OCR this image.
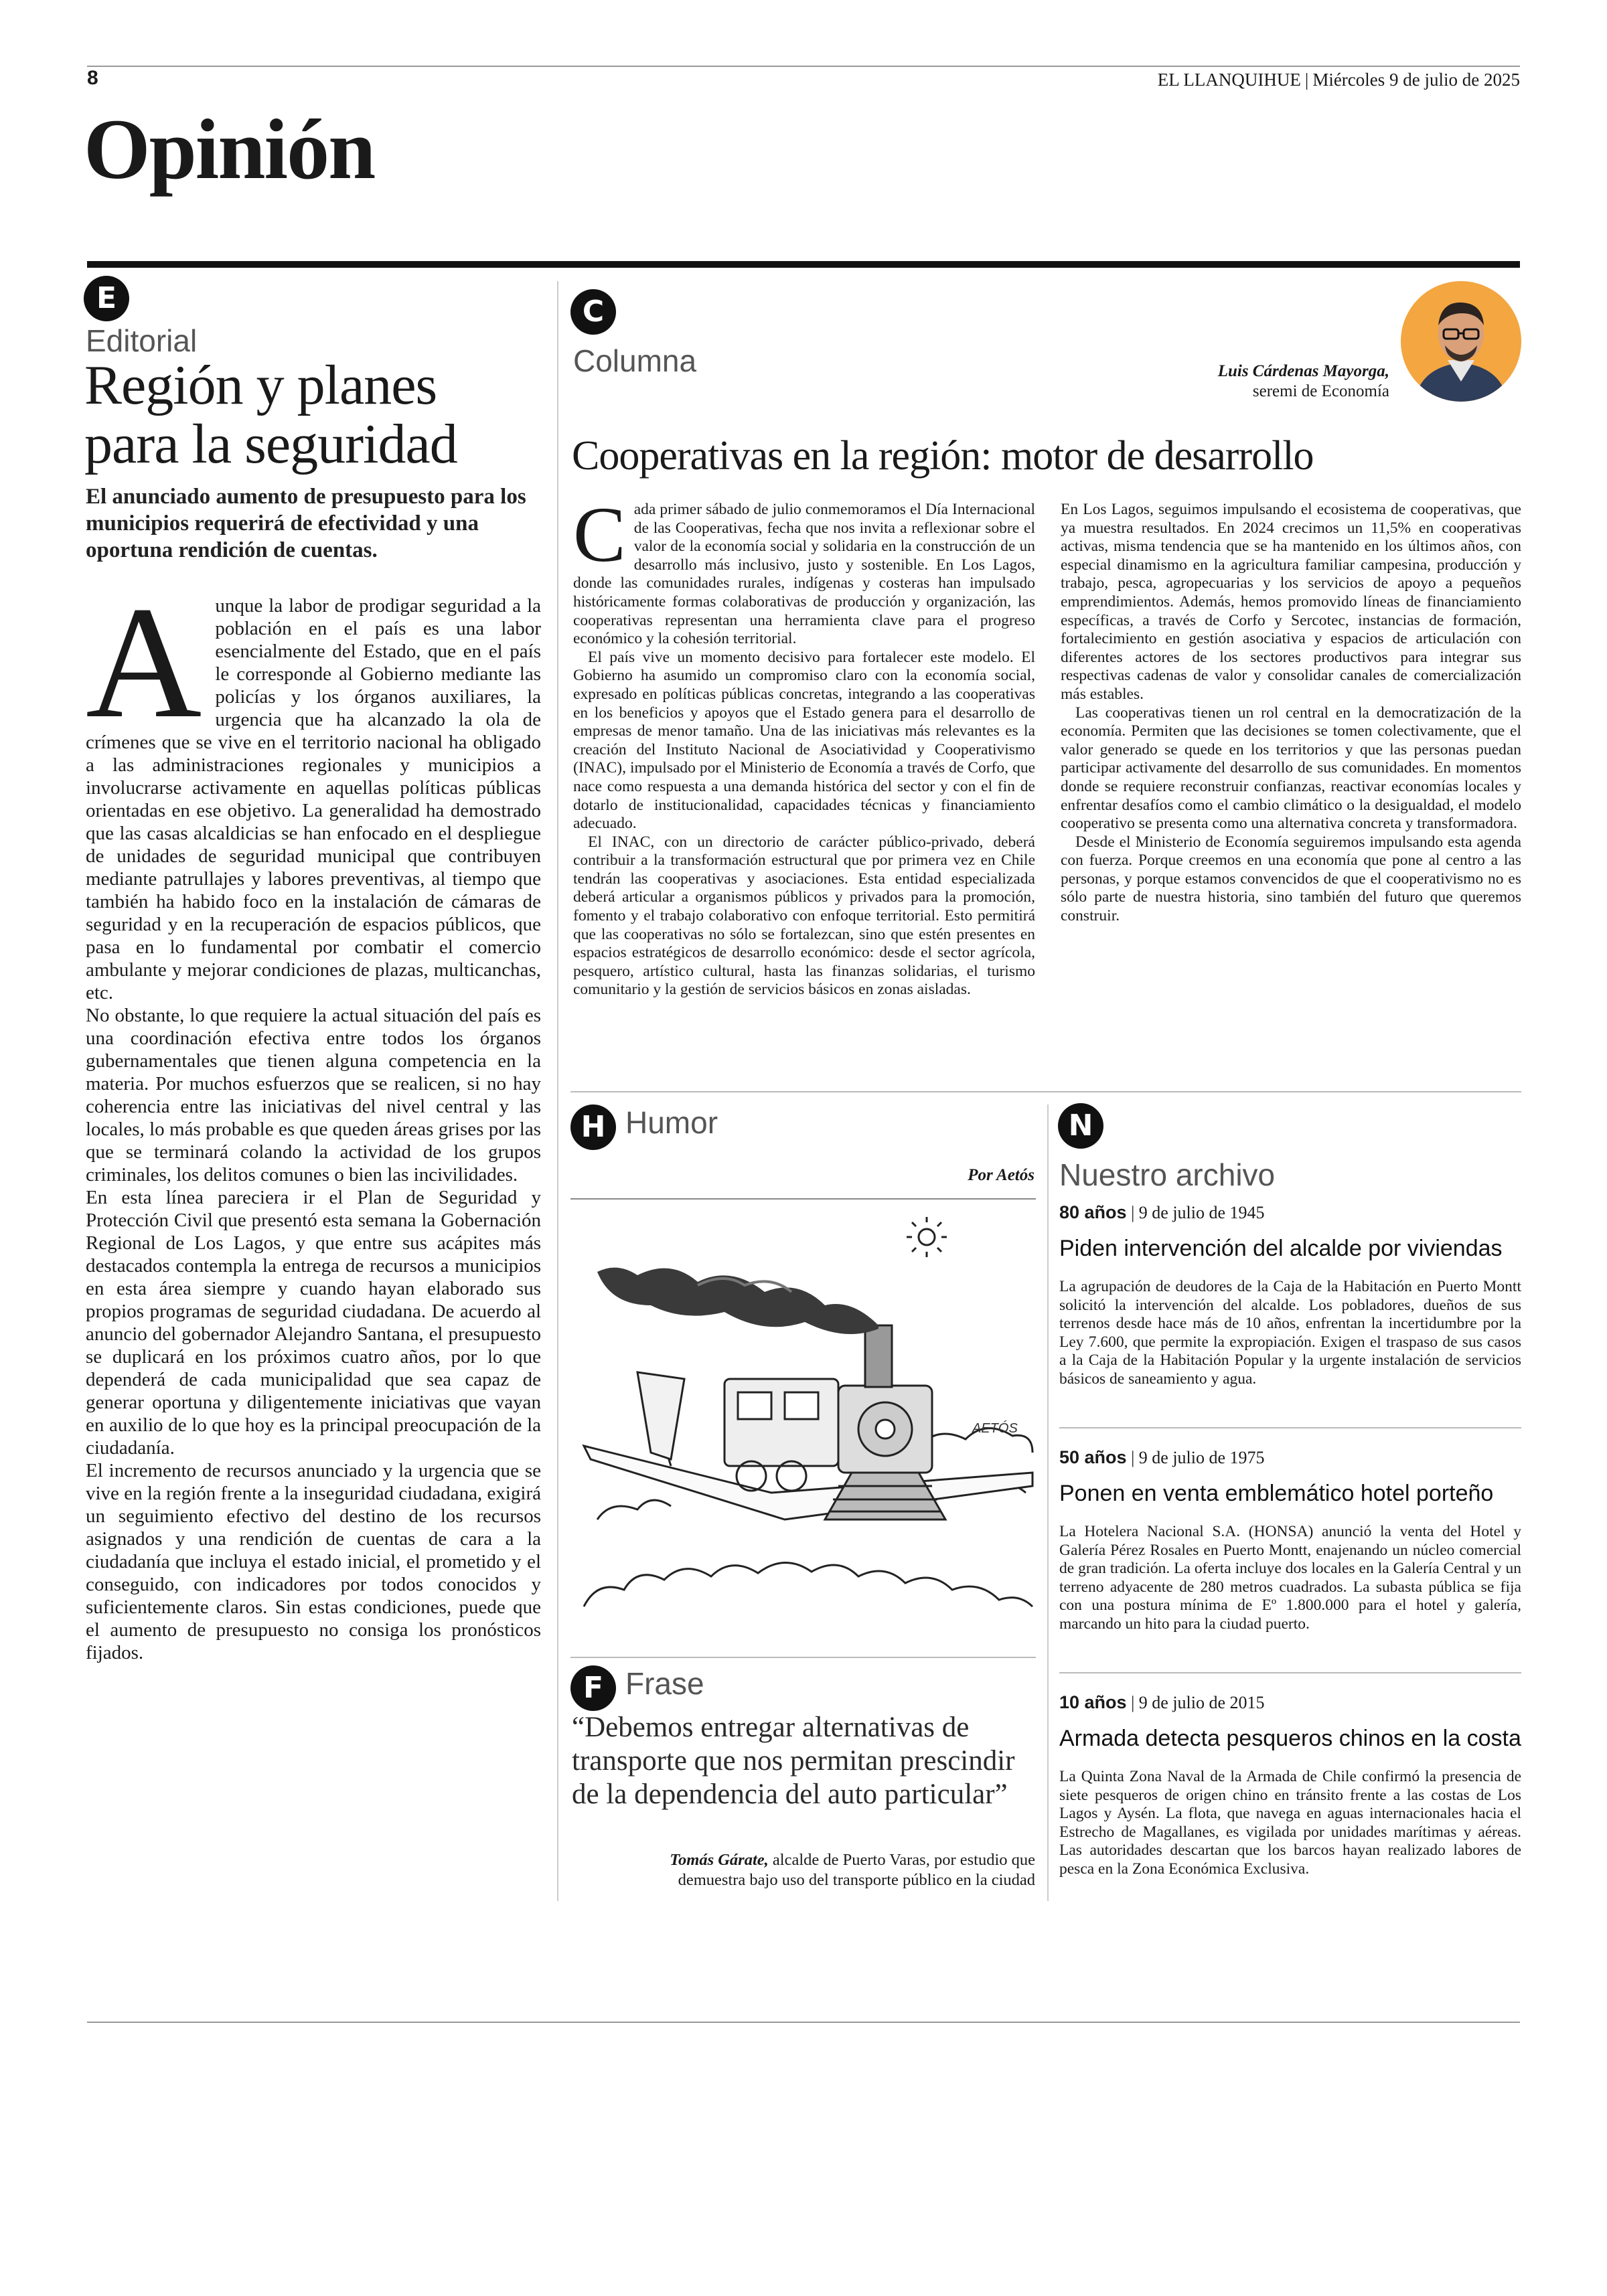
8	EL LLANQUIHUE | Miércoles 9 de julio de 2025
Opinión
E
Editorial
Región y planes
para la seguridad
El anunciado aumento de presupuesto para los municipios requerirá de efectividad y una oportuna rendición de cuentas.

Aunque la labor de prodigar seguridad a la población en el país es una labor esencialmente del Estado, que en el país le corresponde al Gobierno mediante las policías y los órganos auxiliares, la urgencia que ha alcanzado la ola de crímenes que se vive en el territorio nacional ha obligado a las administraciones regionales y municipios a involucrarse activamente en aquellas políticas públicas orientadas en ese objetivo. La generalidad ha demostrado que las casas alcaldicias se han enfocado en el despliegue de unidades de seguridad municipal que contribuyen mediante patrullajes y labores preventivas, al tiempo que también ha habido foco en la instalación de cámaras de seguridad y en la recuperación de espacios públicos, que pasa en lo fundamental por combatir el comercio ambulante y mejorar condiciones de plazas, multicanchas, etc.

No obstante, lo que requiere la actual situación del país es una coordinación efectiva entre todos los órganos gubernamentales que tienen alguna competencia en la materia. Por muchos esfuerzos que se realicen, si no hay coherencia entre las iniciativas del nivel central y las locales, lo más probable es que queden áreas grises por las que se terminará colando la actividad de los grupos criminales, los delitos comunes o bien las incivilidades.

En esta línea pareciera ir el Plan de Seguridad y Protección Civil que presentó esta semana la Gobernación Regional de Los Lagos, y que entre sus acápites más destacados contempla la entrega de recursos a municipios en esta área siempre y cuando hayan elaborado sus propios programas de seguridad ciudadana. De acuerdo al anuncio del gobernador Alejandro Santana, el presupuesto se duplicará en los próximos cuatro años, por lo que dependerá de cada municipalidad que sea capaz de generar oportuna y diligentemente iniciativas que vayan en auxilio de lo que hoy es la principal preocupación de la ciudadanía.

El incremento de recursos anunciado y la urgencia que se vive en la región frente a la inseguridad ciudadana, exigirá un seguimiento efectivo del destino de los recursos asignados y una rendición de cuentas de cara a la ciudadanía que incluya el estado inicial, el prometido y el conseguido, con indicadores por todos conocidos y suficientemente claros. Sin estas condiciones, puede que el aumento de presupuesto no consiga los pronósticos fijados.

C
Columna	Luis Cárdenas Mayorga,
seremi de Economía
Cooperativas en la región: motor de desarrollo

Cada primer sábado de julio conmemoramos el Día Internacional de las Cooperativas, fecha que nos invita a reflexionar sobre el valor de la economía social y solidaria en la construcción de un desarrollo más inclusivo, justo y sostenible. En Los Lagos, donde las comunidades rurales, indígenas y costeras han impulsado históricamente formas colaborativas de producción y organización, las cooperativas representan una herramienta clave para el progreso económico y la cohesión territorial.

El país vive un momento decisivo para fortalecer este modelo. El Gobierno ha asumido un compromiso claro con la economía social, expresado en políticas públicas concretas, integrando a las cooperativas en los beneficios y apoyos que el Estado genera para el desarrollo de empresas de menor tamaño. Una de las iniciativas más relevantes es la creación del Instituto Nacional de Asociatividad y Cooperativismo (INAC), impulsado por el Ministerio de Economía a través de Corfo, que nace como respuesta a una demanda histórica del sector y con el fin de dotarlo de institucionalidad, capacidades técnicas y financiamiento adecuado.

El INAC, con un directorio de carácter público-privado, deberá contribuir a la transformación estructural que por primera vez en Chile tendrán las cooperativas y asociaciones. Esta entidad especializada deberá articular a organismos públicos y privados para la promoción, fomento y el trabajo colaborativo con enfoque territorial. Esto permitirá que las cooperativas no sólo se fortalezcan, sino que estén presentes en espacios estratégicos de desarrollo económico: desde el sector agrícola, pesquero, artístico cultural, hasta las finanzas solidarias, el turismo comunitario y la gestión de servicios básicos en zonas aisladas.

En Los Lagos, seguimos impulsando el ecosistema de cooperativas, que ya muestra resultados. En 2024 crecimos un 11,5% en cooperativas activas, misma tendencia que se ha mantenido en los últimos años, con especial dinamismo en la agricultura familiar campesina, producción y trabajo, pesca, agropecuarias y los servicios de apoyo a pequeños emprendimientos. Además, hemos promovido líneas de financiamiento específicas, a través de Corfo y Sercotec, instancias de formación, fortalecimiento en gestión asociativa y espacios de articulación con diferentes actores de los sectores productivos para integrar sus respectivas cadenas de valor y consolidar canales de comercialización más estables.

Las cooperativas tienen un rol central en la democratización de la economía. Permiten que las decisiones se tomen colectivamente, que el valor generado se quede en los territorios y que las personas puedan participar activamente del desarrollo de sus comunidades. En momentos donde se requiere reconstruir confianzas, reactivar economías locales y enfrentar desafíos como el cambio climático o la desigualdad, el modelo cooperativo se presenta como una alternativa concreta y transformadora.

Desde el Ministerio de Economía seguiremos impulsando esta agenda con fuerza. Porque creemos en una economía que pone al centro a las personas, y porque estamos convencidos de que el cooperativismo no es sólo parte de nuestra historia, sino también del futuro que queremos construir.

H Humor
Por Aetós
AETÓS
F Frase
“Debemos entregar alternativas de transporte que nos permitan prescindir de la dependencia del auto particular”
Tomás Gárate, alcalde de Puerto Varas, por estudio que
demuestra bajo uso del transporte público en la ciudad
N
Nuestro archivo
80 años | 9 de julio de 1945
Piden intervención del alcalde por viviendas
La agrupación de deudores de la Caja de la Habitación en Puerto Montt solicitó la intervención del alcalde. Los pobladores, dueños de sus terrenos desde hace más de 10 años, enfrentan la incertidumbre por la Ley 7.600, que permite la expropiación. Exigen el traspaso de sus casos a la Caja de la Habitación Popular y la urgente instalación de servicios básicos de saneamiento y agua.
50 años | 9 de julio de 1975
Ponen en venta emblemático hotel porteño
La Hotelera Nacional S.A. (HONSA) anunció la venta del Hotel y Galería Pérez Rosales en Puerto Montt, enajenando un núcleo comercial de gran tradición. La oferta incluye dos locales en la Galería Central y un terreno adyacente de 280 metros cuadrados. La subasta pública se fija con una postura mínima de Eº 1.800.000 para el hotel y galería, marcando un hito para la ciudad puerto.
10 años | 9 de julio de 2015
Armada detecta pesqueros chinos en la costa
La Quinta Zona Naval de la Armada de Chile confirmó la presencia de siete pesqueros de origen chino en tránsito frente a las costas de Los Lagos y Aysén. La flota, que navega en aguas internacionales hacia el Estrecho de Magallanes, es vigilada por unidades marítimas y aéreas. Las autoridades descartan que los barcos hayan realizado labores de pesca en la Zona Económica Exclusiva.
